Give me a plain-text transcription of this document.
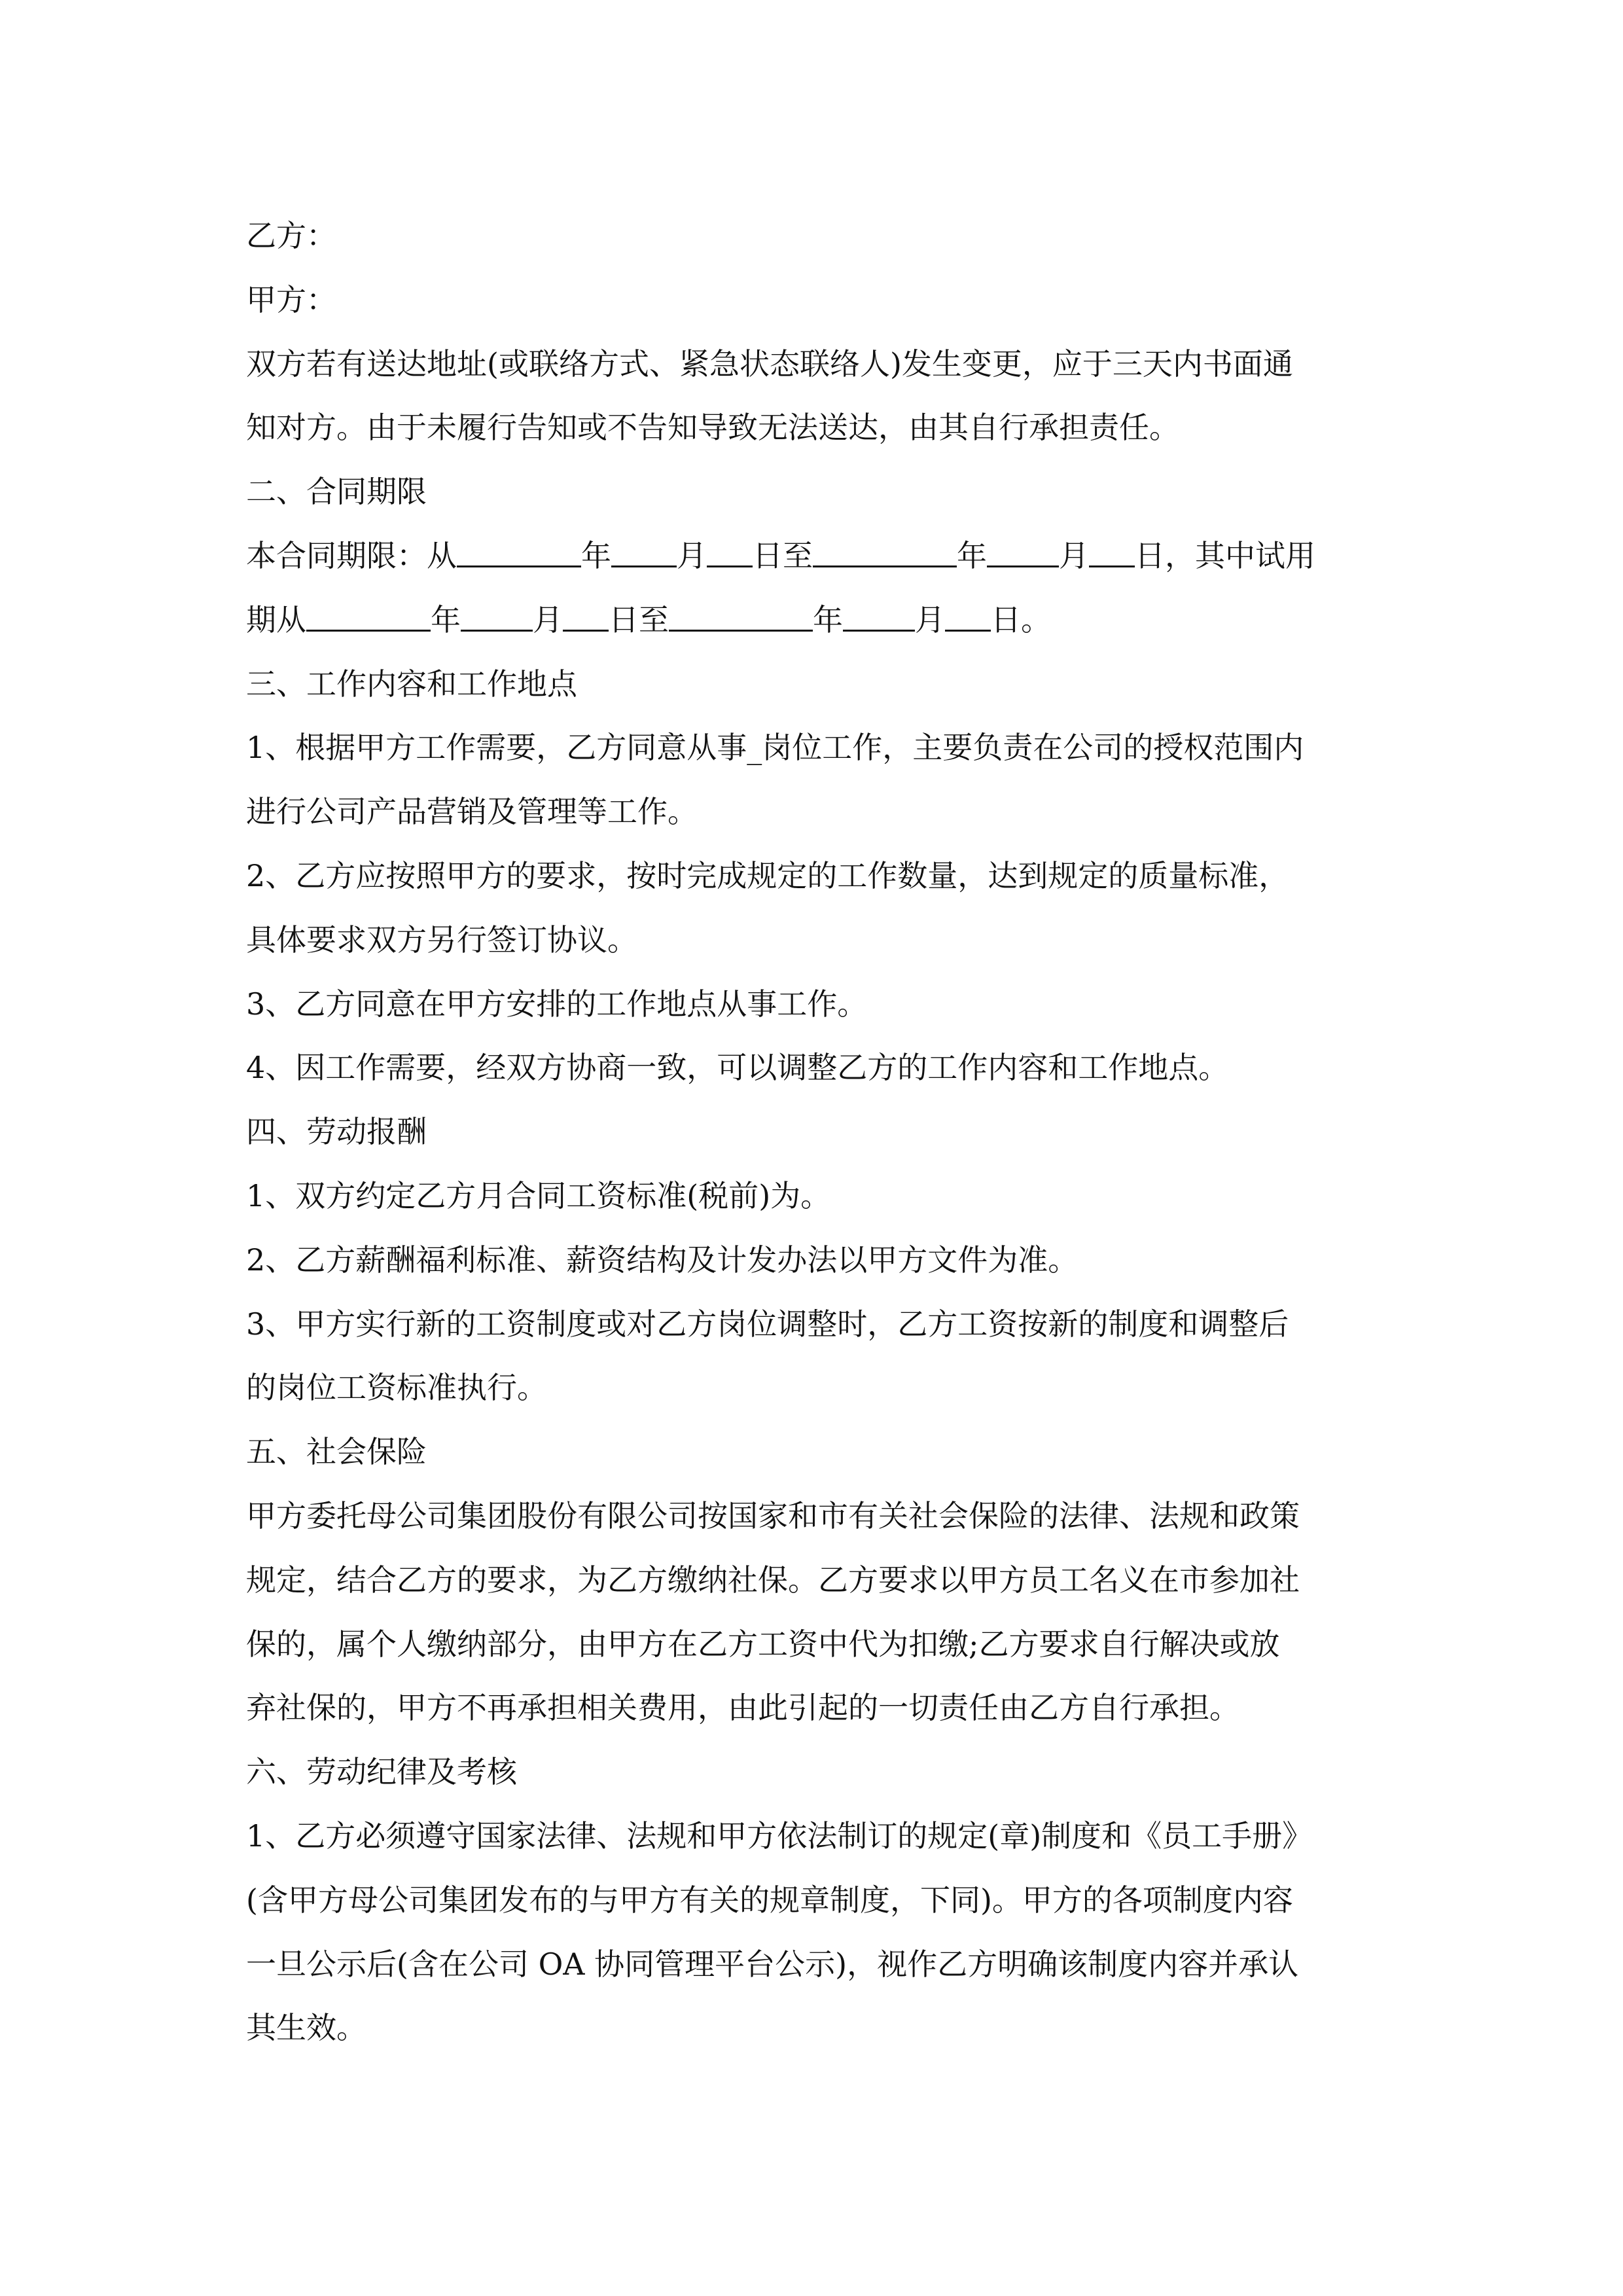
乙方：
甲方：
双方若有送达地址(或联络方式、紧急状态联络人)发生变更，应于三天内书面通
知对方。由于未履行告知或不告知导致无法送达，由其自行承担责任。
二、合同期限
本合同期限：从	年 月 日至	年 月 日，其中试用
期从	年 月 日至	年 月 日。
三、工作内容和工作地点
1、根据甲方工作需要，乙方同意从事_岗位工作，主要负责在公司的授权范围内
进行公司产品营销及管理等工作。
2、乙方应按照甲方的要求，按时完成规定的工作数量，达到规定的质量标准，
具体要求双方另行签订协议。
3、乙方同意在甲方安排的工作地点从事工作。
4、因工作需要，经双方协商一致，可以调整乙方的工作内容和工作地点。
四、劳动报酬
1、双方约定乙方月合同工资标准(税前)为。
2、乙方薪酬福利标准、薪资结构及计发办法以甲方文件为准。
3、甲方实行新的工资制度或对乙方岗位调整时，乙方工资按新的制度和调整后
的岗位工资标准执行。
五、社会保险
甲方委托母公司集团股份有限公司按国家和市有关社会保险的法律、法规和政策
规定，结合乙方的要求，为乙方缴纳社保。乙方要求以甲方员工名义在市参加社
保的，属个人缴纳部分，由甲方在乙方工资中代为扣缴;乙方要求自行解决或放
弃社保的，甲方不再承担相关费用，由此引起的一切责任由乙方自行承担。
六、劳动纪律及考核
1、乙方必须遵守国家法律、法规和甲方依法制订的规定(章)制度和《员工手册》
(含甲方母公司集团发布的与甲方有关的规章制度，下同)。甲方的各项制度内容
一旦公示后(含在公司 OA 协同管理平台公示)，视作乙方明确该制度内容并承认
其生效。
